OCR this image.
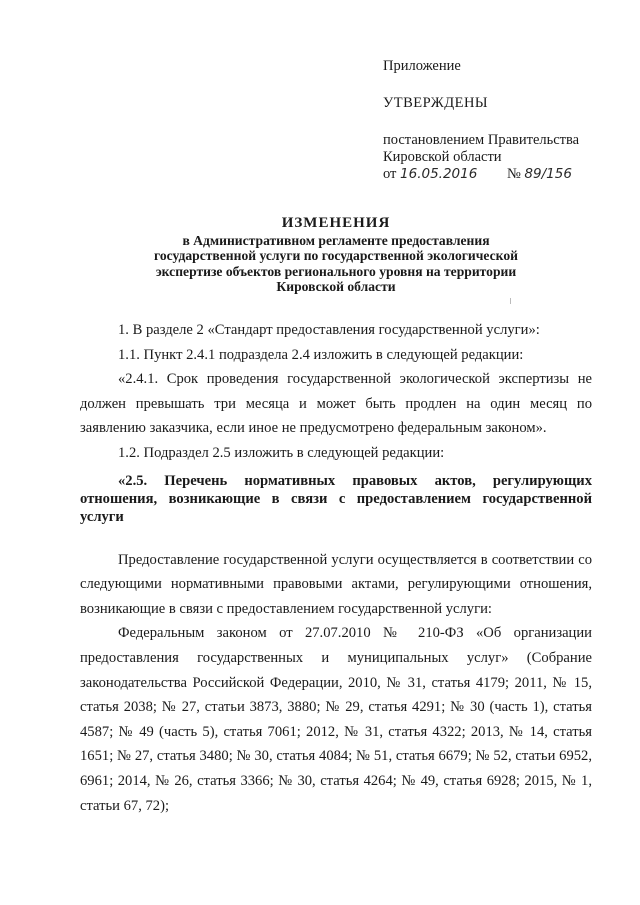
Приложение

УТВЕРЖДЕНЫ

постановлением Правительства

Кировской области

от 16.05.2016 № 89/156

ИЗМЕНЕНИЯ

в Административном регламенте предоставления

государственной услуги по государственной экологической

экспертизе объектов регионального уровня на территории

Кировской области

1. В разделе 2 «Стандарт предоставления государственной услуги»:

1.1. Пункт 2.4.1 подраздела 2.4 изложить в следующей редакции:

«2.4.1. Срок проведения государственной экологической экспертизы не должен превышать три месяца и может быть продлен на один месяц по заявлению заказчика, если иное не предусмотрено федеральным законом».

1.2. Подраздел 2.5 изложить в следующей редакции:

«2.5. Перечень нормативных правовых актов, регулирующих отношения, возникающие в связи с предоставлением государственной услуги

Предоставление государственной услуги осуществляется в соответствии со следующими нормативными правовыми актами, регулирующими отношения, возникающие в связи с предоставлением государственной услуги:

Федеральным законом от 27.07.2010 № 210-ФЗ «Об организации предоставления государственных и муниципальных услуг» (Собрание законодательства Российской Федерации, 2010, № 31, статья 4179; 2011, № 15, статья 2038; № 27, статьи 3873, 3880; № 29, статья 4291; № 30 (часть 1), статья 4587; № 49 (часть 5), статья 7061; 2012, № 31, статья 4322; 2013, № 14, статья 1651; № 27, статья 3480; № 30, статья 4084; № 51, статья 6679; № 52, статьи 6952, 6961; 2014, № 26, статья 3366; № 30, статья 4264; № 49, статья 6928; 2015, № 1, статьи 67, 72);
